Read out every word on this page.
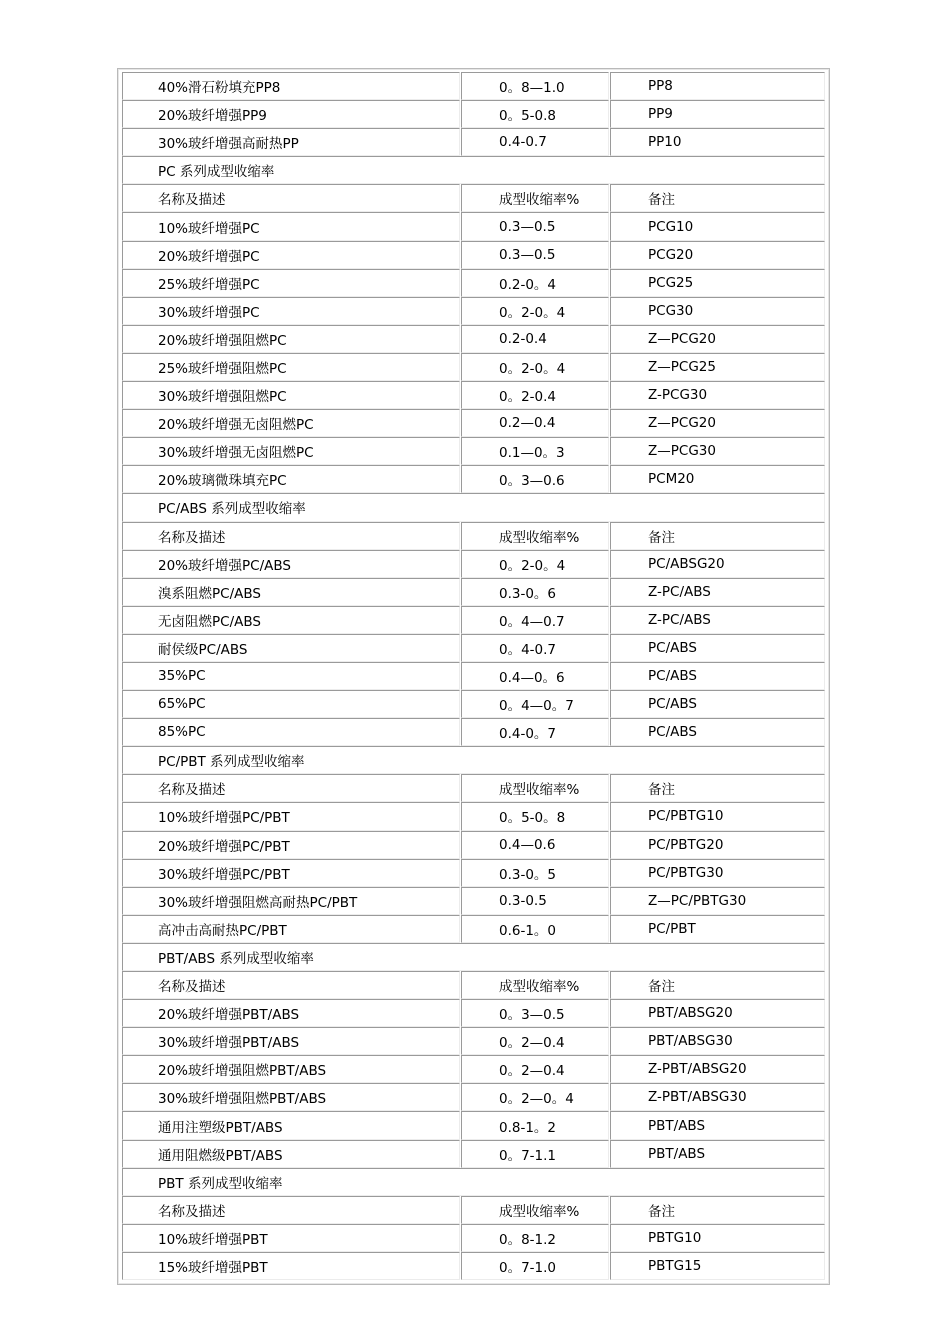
40%滑石粉填充PP8	0。8—1.0	PP8
20%玻纤增强PP9	0。5-0.8	PP9
30%玻纤增强高耐热PP	0.4-0.7	PP10
PC 系列成型收缩率
名称及描述	成型收缩率%	备注
10%玻纤增强PC	0.3—0.5	PCG10
20%玻纤增强PC	0.3—0.5	PCG20
25%玻纤增强PC	0.2-0。4	PCG25
30%玻纤增强PC	0。2-0。4	PCG30
20%玻纤增强阻燃PC	0.2-0.4	Z—PCG20
25%玻纤增强阻燃PC	0。2-0。4	Z—PCG25
30%玻纤增强阻燃PC	0。2-0.4	Z-PCG30
20%玻纤增强无卤阻燃PC	0.2—0.4	Z—PCG20
30%玻纤增强无卤阻燃PC	0.1—0。3	Z—PCG30
20%玻璃微珠填充PC	0。3—0.6	PCM20
PC/ABS 系列成型收缩率
名称及描述	成型收缩率%	备注
20%玻纤增强PC/ABS	0。2-0。4	PC/ABSG20
溴系阻燃PC/ABS	0.3-0。6	Z-PC/ABS
无卤阻燃PC/ABS	0。4—0.7	Z-PC/ABS
耐侯级PC/ABS	0。4-0.7	PC/ABS
35%PC	0.4—0。6	PC/ABS
65%PC	0。4—0。7	PC/ABS
85%PC	0.4-0。7	PC/ABS
PC/PBT 系列成型收缩率
名称及描述	成型收缩率%	备注
10%玻纤增强PC/PBT	0。5-0。8	PC/PBTG10
20%玻纤增强PC/PBT	0.4—0.6	PC/PBTG20
30%玻纤增强PC/PBT	0.3-0。5	PC/PBTG30
30%玻纤增强阻燃高耐热PC/PBT	0.3-0.5	Z—PC/PBTG30
高冲击高耐热PC/PBT	0.6-1。0	PC/PBT
PBT/ABS 系列成型收缩率
名称及描述	成型收缩率%	备注
20%玻纤增强PBT/ABS	0。3—0.5	PBT/ABSG20
30%玻纤增强PBT/ABS	0。2—0.4	PBT/ABSG30
20%玻纤增强阻燃PBT/ABS	0。2—0.4	Z-PBT/ABSG20
30%玻纤增强阻燃PBT/ABS	0。2—0。4	Z-PBT/ABSG30
通用注塑级PBT/ABS	0.8-1。2	PBT/ABS
通用阻燃级PBT/ABS	0。7-1.1	PBT/ABS
PBT 系列成型收缩率
名称及描述	成型收缩率%	备注
10%玻纤增强PBT	0。8-1.2	PBTG10
15%玻纤增强PBT	0。7-1.0	PBTG15
